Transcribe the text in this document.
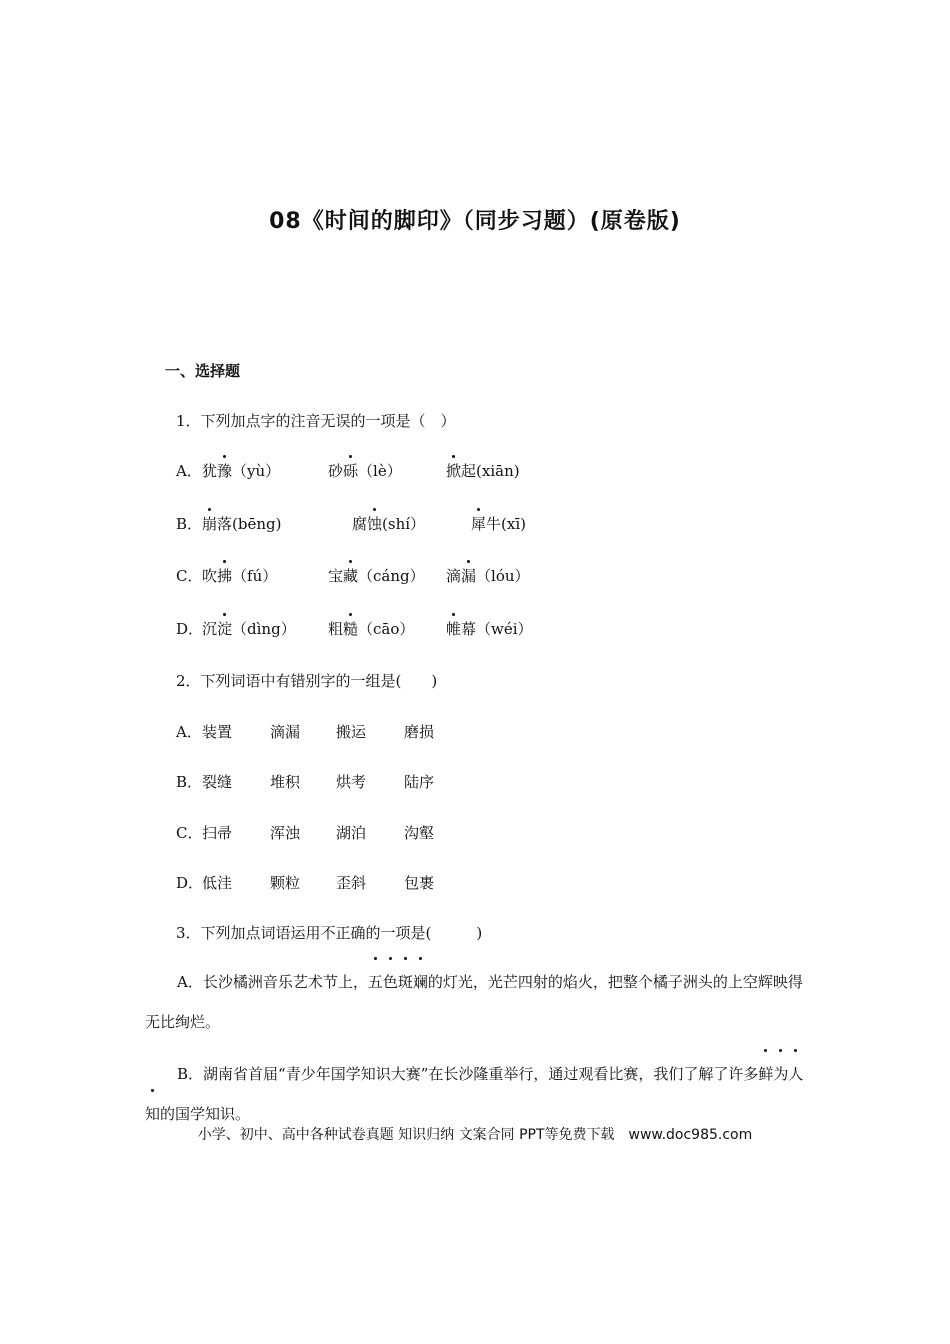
08《时间的脚印》（同步习题）(原卷版)
一、选择题
1．下列加点字的注音无误的一项是（　）
2．下列词语中有错别字的一组是(　　)
3．下列加点词语运用不正确的一项是(　　　)
A．长沙橘洲音乐艺术节上，五色斑斓的灯光，光芒四射的焰火，把整个橘子洲头的上空辉映得无比绚烂。
B．湖南省首届“青少年国学知识大赛”在长沙隆重举行，通过观看比赛，我们了解了许多鲜为人知的国学知识。
小学、初中、高中各种试卷真题 知识归纳 文案合同 PPT等免费下载　www.doc985.com
A． 犹豫（yù）	砂砾（lè）	掀起(xiān)
B． 崩落(bēng)	腐蚀(shí）	犀牛(xī)
C． 吹拂（fú）	宝藏（cáng） 滴漏（lóu）
D．
沉淀（dìng） 粗糙（cāo） 帷幕（wéi）
A． 装置	滴漏 搬运	磨损
B． 裂缝	堆积 烘考	陆序
C． 扫帚	浑浊 湖泊	沟壑
D．
低洼	颗粒 歪斜	包裹
